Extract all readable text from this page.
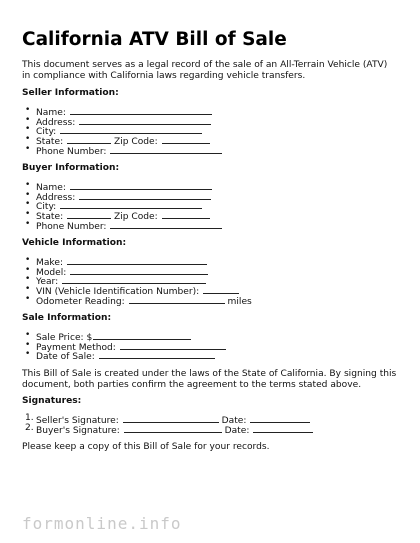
California ATV Bill of Sale

This document serves as a legal record of the sale of an All-Terrain Vehicle (ATV) in compliance with California laws regarding vehicle transfers.

Seller Information:
• Name:
• Address:
• City:
• State:	Zip Code:
• Phone Number:
Buyer Information:
• Name:
• Address:
• City:
• State:	Zip Code:
• Phone Number:
Vehicle Information:
• Make:
• Model:
• Year:
• VIN (Vehicle Identification Number):
• Odometer Reading:	miles
Sale Information:
• Sale Price: $
• Payment Method:
• Date of Sale:

This Bill of Sale is created under the laws of the State of California. By signing this document, both parties confirm the agreement to the terms stated above.

Signatures:
1. Seller's Signature:	Date:
2. Buyer's Signature:	Date:

Please keep a copy of this Bill of Sale for your records.

formonline.info
